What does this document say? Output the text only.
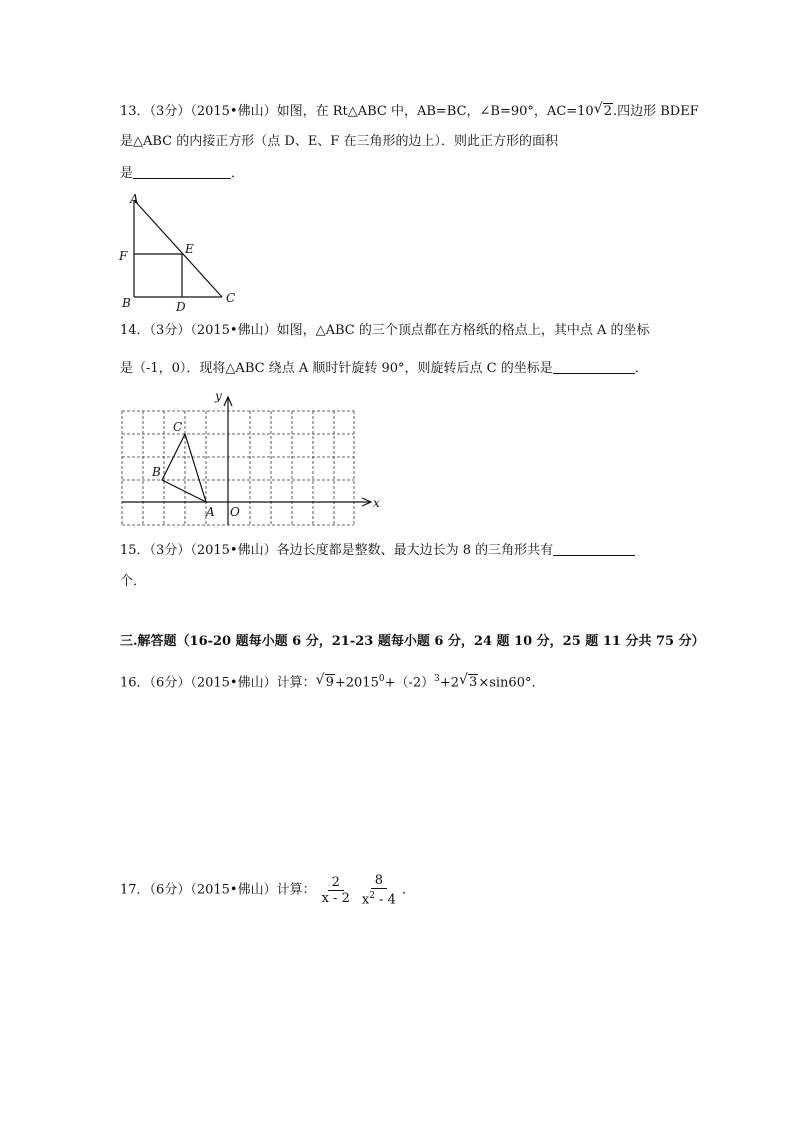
13．（3分）（2015•佛山）如图，在 Rt△ABC 中，AB=BC，∠B=90°，AC=10 √ 2.四边形 BDEF
是△ABC 的内接正方形（点 D、E、F 在三角形的边上）．则此正方形的面积
是	．
A
F	E
B	D
C
14．（3分）（2015•佛山）如图，△ABC 的三个顶点都在方格纸的格点上，其中点 A 的坐标
是（-1，0）．现将△ABC 绕点 A 顺时针旋转 90°，则旋转后点 C 的坐标是	．
x
y
O
A
B
C
15．（3分）（2015•佛山）各边长度都是整数、最大边长为 8 的三角形共有
个．
三.解答题（16-20 题每小题 6 分，21-23 题每小题 6 分，24 题 10 分，25 题 11 分共 75 分）
16．（6分）（2015•佛山）计算： √ $9+2015^0+(-2)^3+2$ √ 3×sin60°．
17．（6分）（2015•佛山）计算： $\frac{2}{x - 2} \frac{8}{x^2 - 4}$ ．
